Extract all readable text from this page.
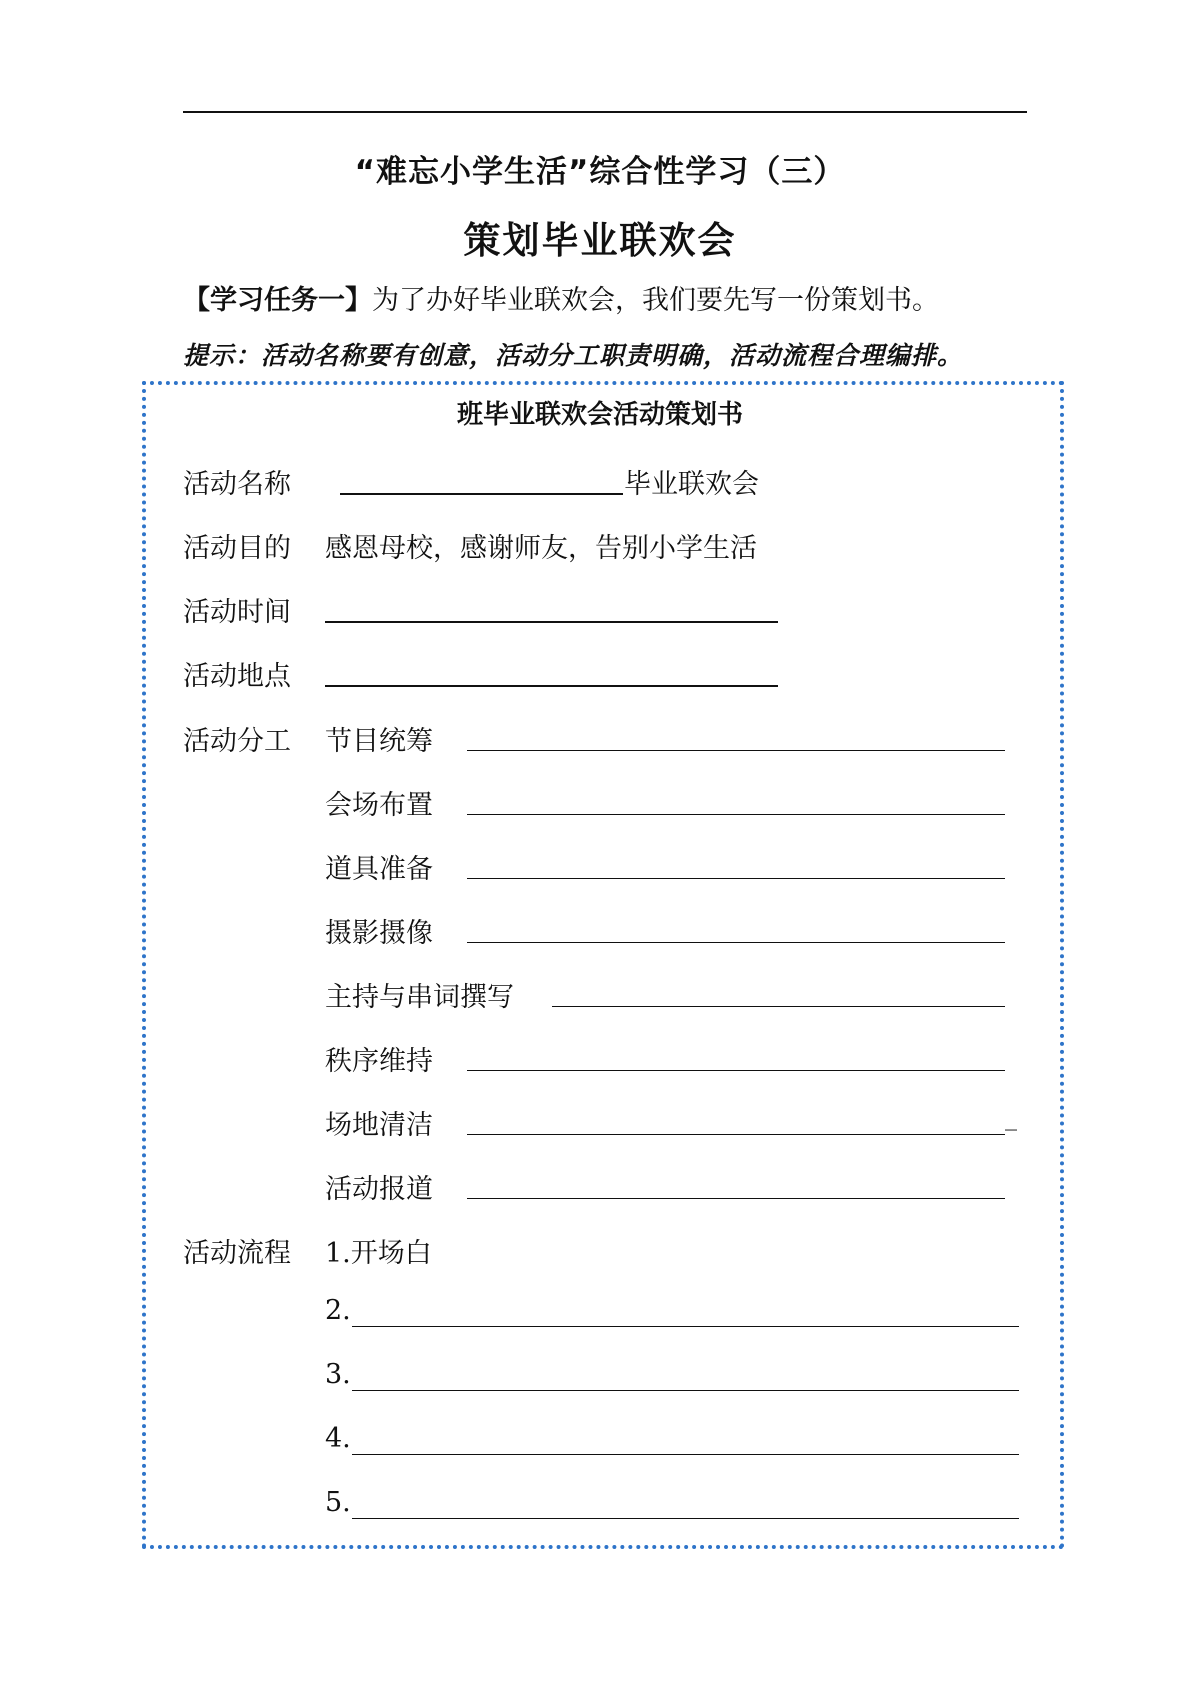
“难忘小学生活”综合性学习（三）
策划毕业联欢会
【学习任务一】为了办好毕业联欢会，我们要先写一份策划书。
提示：活动名称要有创意，活动分工职责明确，活动流程合理编排。
班毕业联欢会活动策划书
活动名称	毕业联欢会
活动目的 感恩母校，感谢师友，告别小学生活
活动时间
活动地点
活动分工 节目统筹
会场布置
道具准备
摄影摄像
主持与串词撰写
秩序维持
场地清洁	_
活动报道
活动流程 1.开场白
2.
3.
4.
5.
